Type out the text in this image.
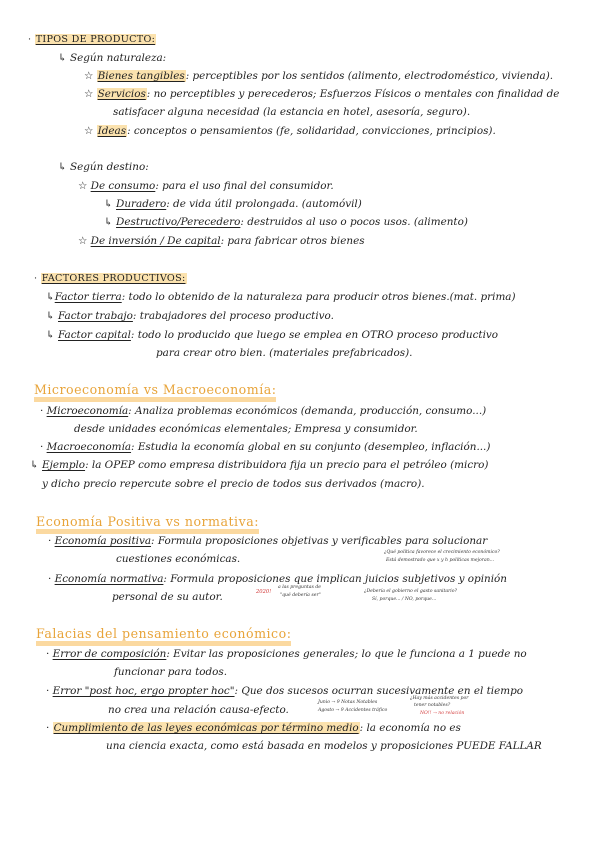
· TIPOS DE PRODUCTO:
↳ Según naturaleza:
☆ Bienes tangibles: perceptibles por los sentidos (alimento, electrodoméstico, vivienda).
☆ Servicios: no perceptibles y perecederos; Esfuerzos Físicos o mentales con finalidad de
satisfacer alguna necesidad (la estancia en hotel, asesoría, seguro).
☆ Ideas: conceptos o pensamientos (fe, solidaridad, convicciones, principios).
↳ Según destino:
☆ De consumo: para el uso final del consumidor.
↳ Duradero: de vida útil prolongada. (automóvil)
↳ Destructivo/Perecedero: destruidos al uso o pocos usos. (alimento)
☆ De inversión / De capital: para fabricar otros bienes
· FACTORES PRODUCTIVOS:
↳Factor tierra: todo lo obtenido de la naturaleza para producir otros bienes.(mat. prima)
↳ Factor trabajo: trabajadores del proceso productivo.
↳ Factor capital: todo lo producido que luego se emplea en OTRO proceso productivo
para crear otro bien. (materiales prefabricados).
Microeconomía vs Macroeconomía:
· Microeconomía: Analiza problemas económicos (demanda, producción, consumo...)
desde unidades económicas elementales; Empresa y consumidor.
· Macroeconomía: Estudia la economía global en su conjunto (desempleo, inflación...)
↳ Ejemplo: la OPEP como empresa distribuidora fija un precio para el petróleo (micro)
y dicho precio repercute sobre el precio de todos sus derivados (macro).
Economía Positiva vs normativa:
· Economía positiva: Formula proposiciones objetivas y verificables para solucionar
cuestiones económicas.
¿Qué política favorece el crecimiento económico?
Está demostrado que x y h políticas mejoran...
· Economía normativa: Formula proposiciones que implican juicios subjetivos y opinión
personal de su autor.	2020!
a las preguntas de
"qué debería ser"
¿Debería el gobierno el gasto sanitario?
Sí, porque... / NO, porque...
Falacias del pensamiento económico:
· Error de composición: Evitar las proposiciones generales; lo que le funciona a 1 puede no
funcionar para todos.
· Error "post hoc, ergo propter hoc": Que dos sucesos ocurran sucesivamente en el tiempo
no crea una relación causa-efecto.
Junio → 9 Notas Notables
Agosto → 9 Accidentes tráfico
¿Hay más accidentes por
tener notables?
NO!! → no relación
· Cumplimiento de las leyes económicas por término medio: la economía no es
una ciencia exacta, como está basada en modelos y proposiciones PUEDE FALLAR
